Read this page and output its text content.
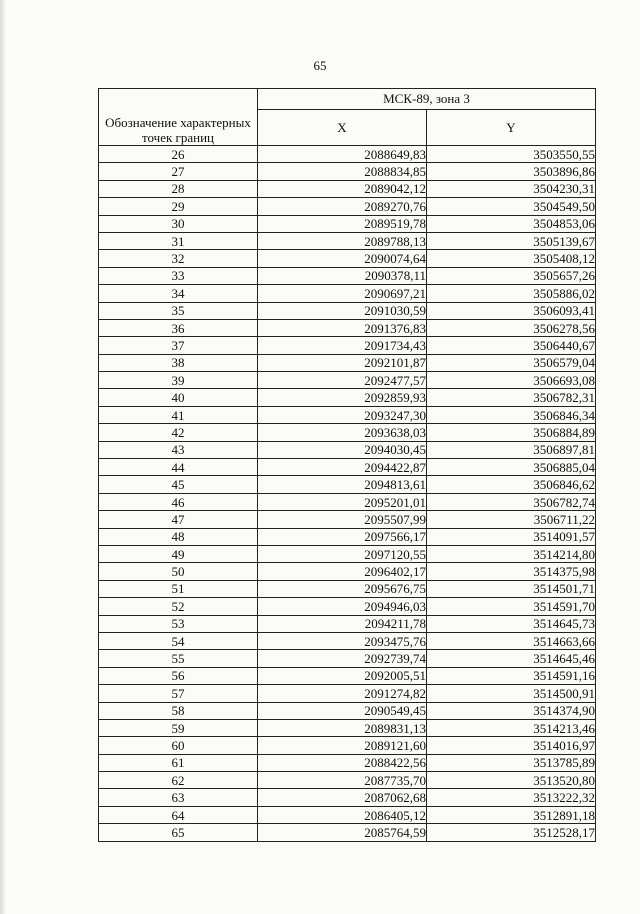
65
Обозначение характерных точек границ	МСК-89, зона 3	
	X	Y
26	2088649,83	3503550,55
27	2088834,85	3503896,86
28	2089042,12	3504230,31
29	2089270,76	3504549,50
30	2089519,78	3504853,06
31	2089788,13	3505139,67
32	2090074,64	3505408,12
33	2090378,11	3505657,26
34	2090697,21	3505886,02
35	2091030,59	3506093,41
36	2091376,83	3506278,56
37	2091734,43	3506440,67
38	2092101,87	3506579,04
39	2092477,57	3506693,08
40	2092859,93	3506782,31
41	2093247,30	3506846,34
42	2093638,03	3506884,89
43	2094030,45	3506897,81
44	2094422,87	3506885,04
45	2094813,61	3506846,62
46	2095201,01	3506782,74
47	2095507,99	3506711,22
48	2097566,17	3514091,57
49	2097120,55	3514214,80
50	2096402,17	3514375,98
51	2095676,75	3514501,71
52	2094946,03	3514591,70
53	2094211,78	3514645,73
54	2093475,76	3514663,66
55	2092739,74	3514645,46
56	2092005,51	3514591,16
57	2091274,82	3514500,91
58	2090549,45	3514374,90
59	2089831,13	3514213,46
60	2089121,60	3514016,97
61	2088422,56	3513785,89
62	2087735,70	3513520,80
63	2087062,68	3513222,32
64	2086405,12	3512891,18
65	2085764,59	3512528,17
